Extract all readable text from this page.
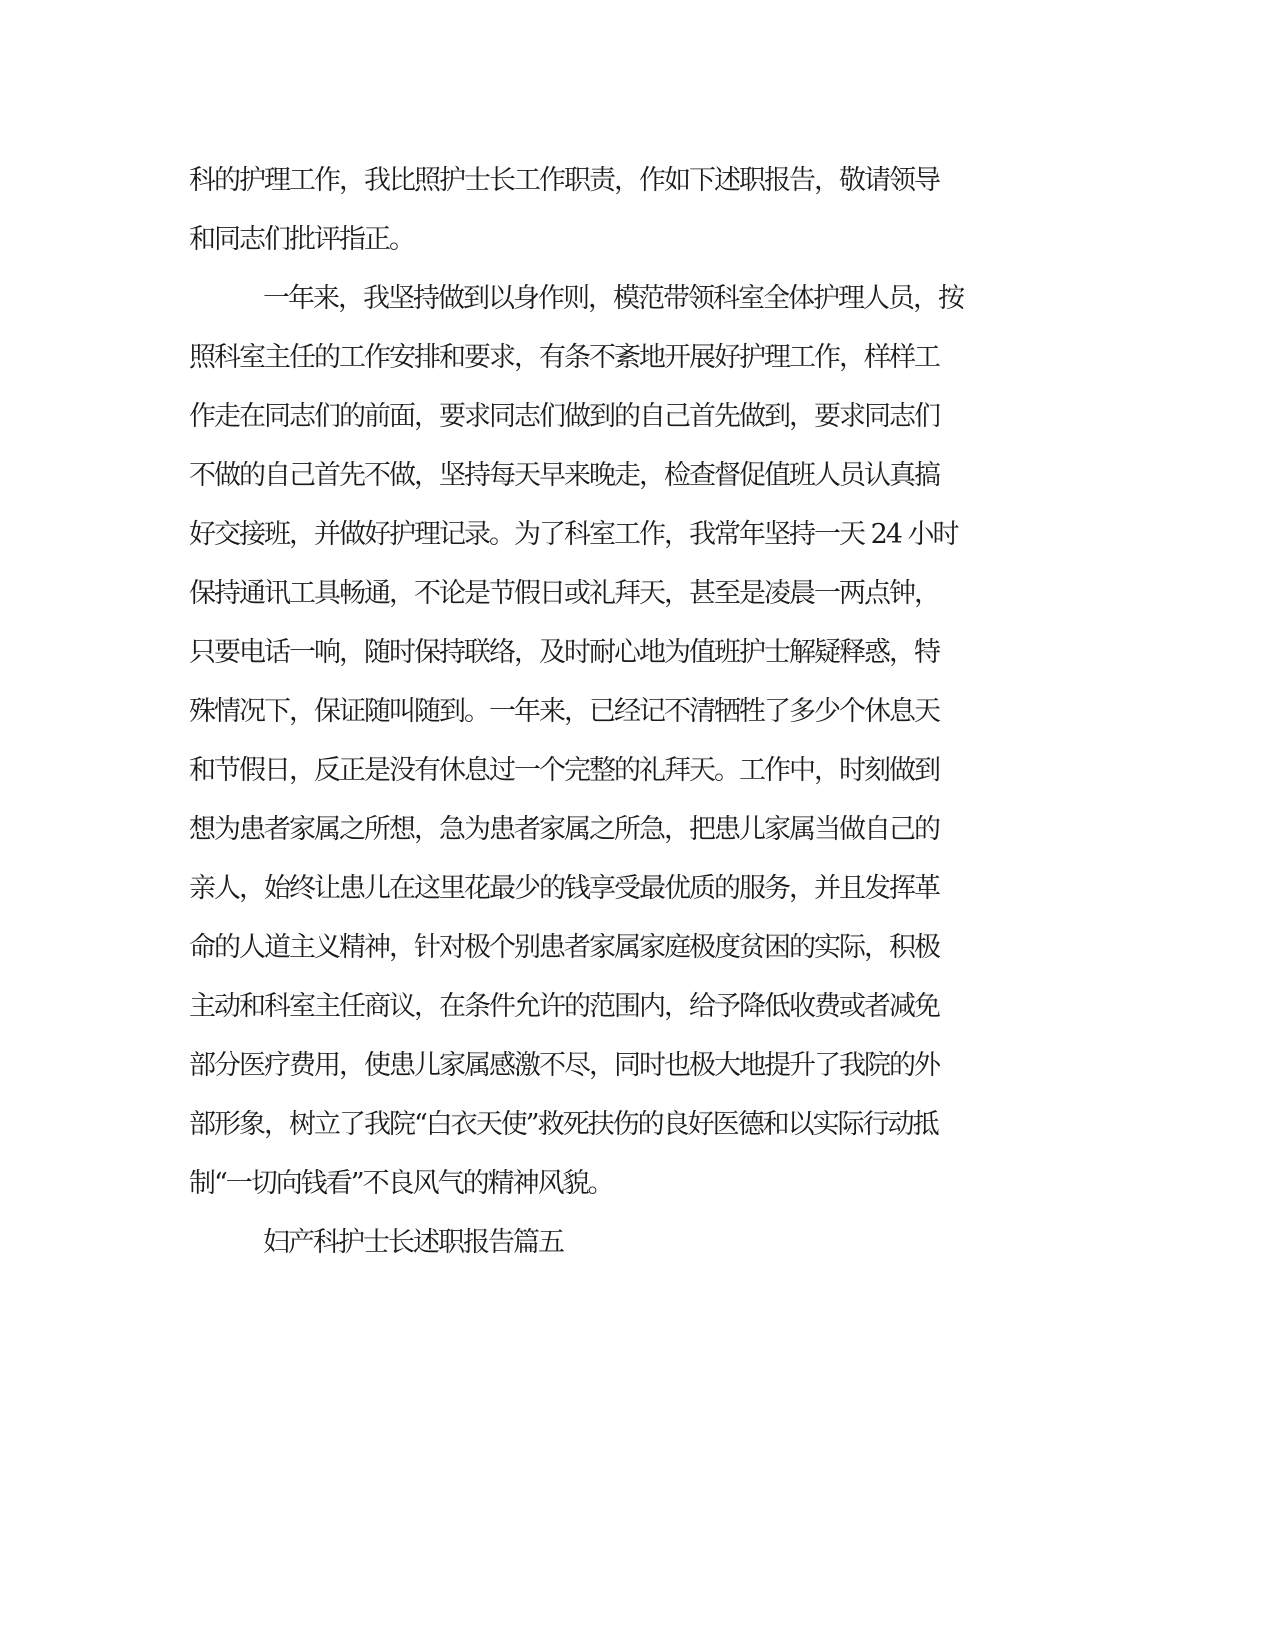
科的护理工作，我比照护士长工作职责，作如下述职报告，敬请领导
和同志们批评指正。
一年来，我坚持做到以身作则，模范带领科室全体护理人员，按
照科室主任的工作安排和要求，有条不紊地开展好护理工作，样样工
作走在同志们的前面，要求同志们做到的自己首先做到，要求同志们
不做的自己首先不做，坚持每天早来晚走，检查督促值班人员认真搞
好交接班，并做好护理记录。为了科室工作，我常年坚持一天 24 小时
保持通讯工具畅通，不论是节假日或礼拜天，甚至是凌晨一两点钟，
只要电话一响，随时保持联络，及时耐心地为值班护士解疑释惑，特
殊情况下，保证随叫随到。一年来，已经记不清牺牲了多少个休息天
和节假日，反正是没有休息过一个完整的礼拜天。工作中，时刻做到
想为患者家属之所想，急为患者家属之所急，把患儿家属当做自己的
亲人，始终让患儿在这里花最少的钱享受最优质的服务，并且发挥革
命的人道主义精神，针对极个别患者家属家庭极度贫困的实际，积极
主动和科室主任商议，在条件允许的范围内，给予降低收费或者减免
部分医疗费用，使患儿家属感激不尽，同时也极大地提升了我院的外
部形象，树立了我院“白衣天使”救死扶伤的良好医德和以实际行动抵
制“一切向钱看”不良风气的精神风貌。
妇产科护士长述职报告篇五
